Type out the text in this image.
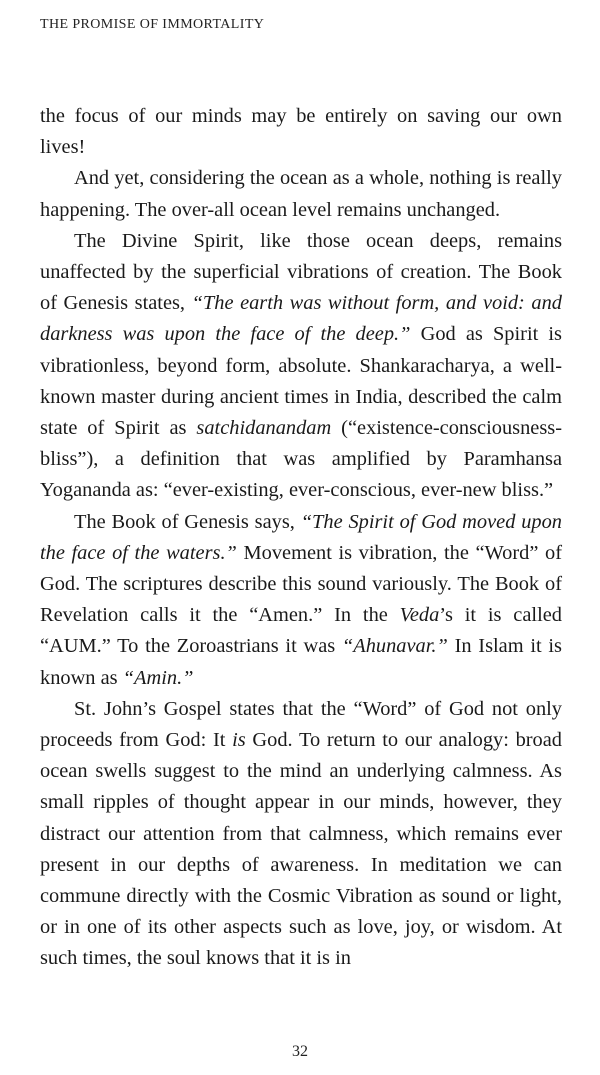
THE PROMISE OF IMMORTALITY

the focus of our minds may be entirely on saving our own lives!

And yet, considering the ocean as a whole, nothing is really happening. The over-all ocean level remains unchanged.

The Divine Spirit, like those ocean deeps, remains unaffected by the superficial vibrations of creation. The Book of Genesis states, “The earth was without form, and void: and darkness was upon the face of the deep.” God as Spirit is vibrationless, beyond form, absolute. Shankaracharya, a well-known master during ancient times in India, described the calm state of Spirit as satchidanandam (“existence-consciousness-bliss”), a definition that was amplified by Paramhansa Yogananda as: “ever-existing, ever-conscious, ever-new bliss.”

The Book of Genesis says, “The Spirit of God moved upon the face of the waters.” Movement is vibration, the “Word” of God. The scriptures describe this sound variously. The Book of Revelation calls it the “Amen.” In the Veda’s it is called “AUM.” To the Zoroastrians it was “Ahunavar.” In Islam it is known as “Amin.”

St. John’s Gospel states that the “Word” of God not only proceeds from God: It is God. To return to our analogy: broad ocean swells suggest to the mind an underlying calmness. As small ripples of thought appear in our minds, however, they distract our attention from that calmness, which remains ever present in our depths of awareness. In meditation we can commune directly with the Cosmic Vibration as sound or light, or in one of its other aspects such as love, joy, or wisdom. At such times, the soul knows that it is in

32
